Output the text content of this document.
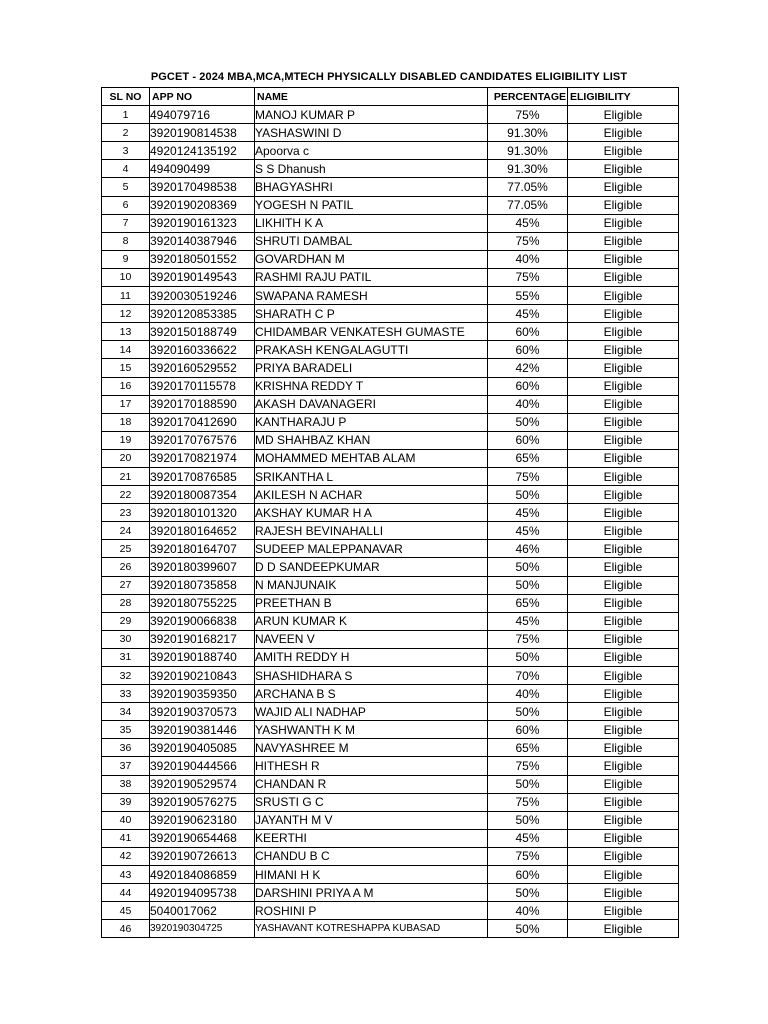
PGCET - 2024 MBA,MCA,MTECH PHYSICALLY DISABLED CANDIDATES ELIGIBILITY LIST
SL NO	APP NO	NAME	PERCENTAGE	ELIGIBILITY
1	494079716	MANOJ KUMAR P	75%	Eligible
2	3920190814538	YASHASWINI D	91.30%	Eligible
3	4920124135192	Apoorva c	91.30%	Eligible
4	494090499	S S Dhanush	91.30%	Eligible
5	3920170498538	BHAGYASHRI	77.05%	Eligible
6	3920190208369	YOGESH N PATIL	77.05%	Eligible
7	3920190161323	LIKHITH K A	45%	Eligible
8	3920140387946	SHRUTI DAMBAL	75%	Eligible
9	3920180501552	GOVARDHAN M	40%	Eligible
10	3920190149543	RASHMI RAJU PATIL	75%	Eligible
11	3920030519246	SWAPANA RAMESH	55%	Eligible
12	3920120853385	SHARATH C P	45%	Eligible
13	3920150188749	CHIDAMBAR VENKATESH GUMASTE	60%	Eligible
14	3920160336622	PRAKASH KENGALAGUTTI	60%	Eligible
15	3920160529552	PRIYA BARADELI	42%	Eligible
16	3920170115578	KRISHNA REDDY T	60%	Eligible
17	3920170188590	AKASH DAVANAGERI	40%	Eligible
18	3920170412690	KANTHARAJU P	50%	Eligible
19	3920170767576	MD SHAHBAZ KHAN	60%	Eligible
20	3920170821974	MOHAMMED MEHTAB ALAM	65%	Eligible
21	3920170876585	SRIKANTHA L	75%	Eligible
22	3920180087354	AKILESH N ACHAR	50%	Eligible
23	3920180101320	AKSHAY KUMAR H A	45%	Eligible
24	3920180164652	RAJESH BEVINAHALLI	45%	Eligible
25	3920180164707	SUDEEP MALEPPANAVAR	46%	Eligible
26	3920180399607	D D SANDEEPKUMAR	50%	Eligible
27	3920180735858	N MANJUNAIK	50%	Eligible
28	3920180755225	PREETHAN B	65%	Eligible
29	3920190066838	ARUN KUMAR K	45%	Eligible
30	3920190168217	NAVEEN V	75%	Eligible
31	3920190188740	AMITH REDDY H	50%	Eligible
32	3920190210843	SHASHIDHARA S	70%	Eligible
33	3920190359350	ARCHANA B S	40%	Eligible
34	3920190370573	WAJID ALI NADHAP	50%	Eligible
35	3920190381446	YASHWANTH K M	60%	Eligible
36	3920190405085	NAVYASHREE M	65%	Eligible
37	3920190444566	HITHESH R	75%	Eligible
38	3920190529574	CHANDAN R	50%	Eligible
39	3920190576275	SRUSTI G C	75%	Eligible
40	3920190623180	JAYANTH M V	50%	Eligible
41	3920190654468	KEERTHI	45%	Eligible
42	3920190726613	CHANDU B C	75%	Eligible
43	4920184086859	HIMANI H K	60%	Eligible
44	4920194095738	DARSHINI PRIYA A M	50%	Eligible
45	5040017062	ROSHINI P	40%	Eligible
46	3920190304725	YASHAVANT KOTRESHAPPA KUBASAD	50%	Eligible
